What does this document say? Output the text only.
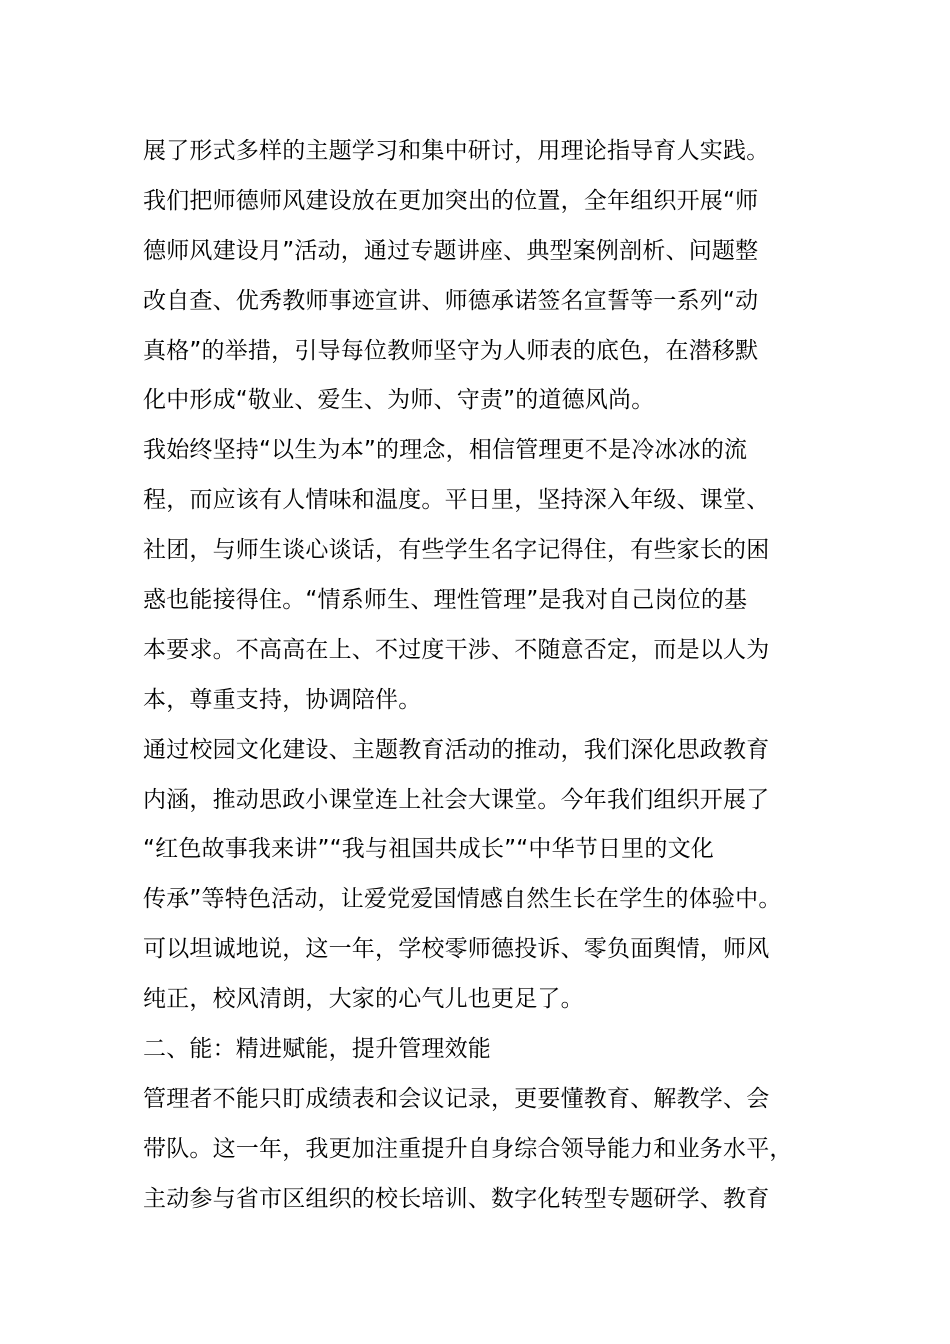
展了形式多样的主题学习和集中研讨，用理论指导育人实践。
我们把师德师风建设放在更加突出的位置，全年组织开展“师
德师风建设月”活动，通过专题讲座、典型案例剖析、问题整
改自查、优秀教师事迹宣讲、师德承诺签名宣誓等一系列“动
真格”的举措，引导每位教师坚守为人师表的底色，在潜移默
化中形成“敬业、爱生、为师、守责”的道德风尚。
我始终坚持“以生为本”的理念，相信管理更不是冷冰冰的流
程，而应该有人情味和温度。平日里，坚持深入年级、课堂、
社团，与师生谈心谈话，有些学生名字记得住，有些家长的困
惑也能接得住。“情系师生、理性管理”是我对自己岗位的基
本要求。不高高在上、不过度干涉、不随意否定，而是以人为
本，尊重支持，协调陪伴。
通过校园文化建设、主题教育活动的推动，我们深化思政教育
内涵，推动思政小课堂连上社会大课堂。今年我们组织开展了
“红色故事我来讲”“我与祖国共成长”“中华节日里的文化
传承”等特色活动，让爱党爱国情感自然生长在学生的体验中。
可以坦诚地说，这一年，学校零师德投诉、零负面舆情，师风
纯正，校风清朗，大家的心气儿也更足了。
二、能：精进赋能，提升管理效能
管理者不能只盯成绩表和会议记录，更要懂教育、解教学、会
带队。这一年，我更加注重提升自身综合领导能力和业务水平，
主动参与省市区组织的校长培训、数字化转型专题研学、教育
